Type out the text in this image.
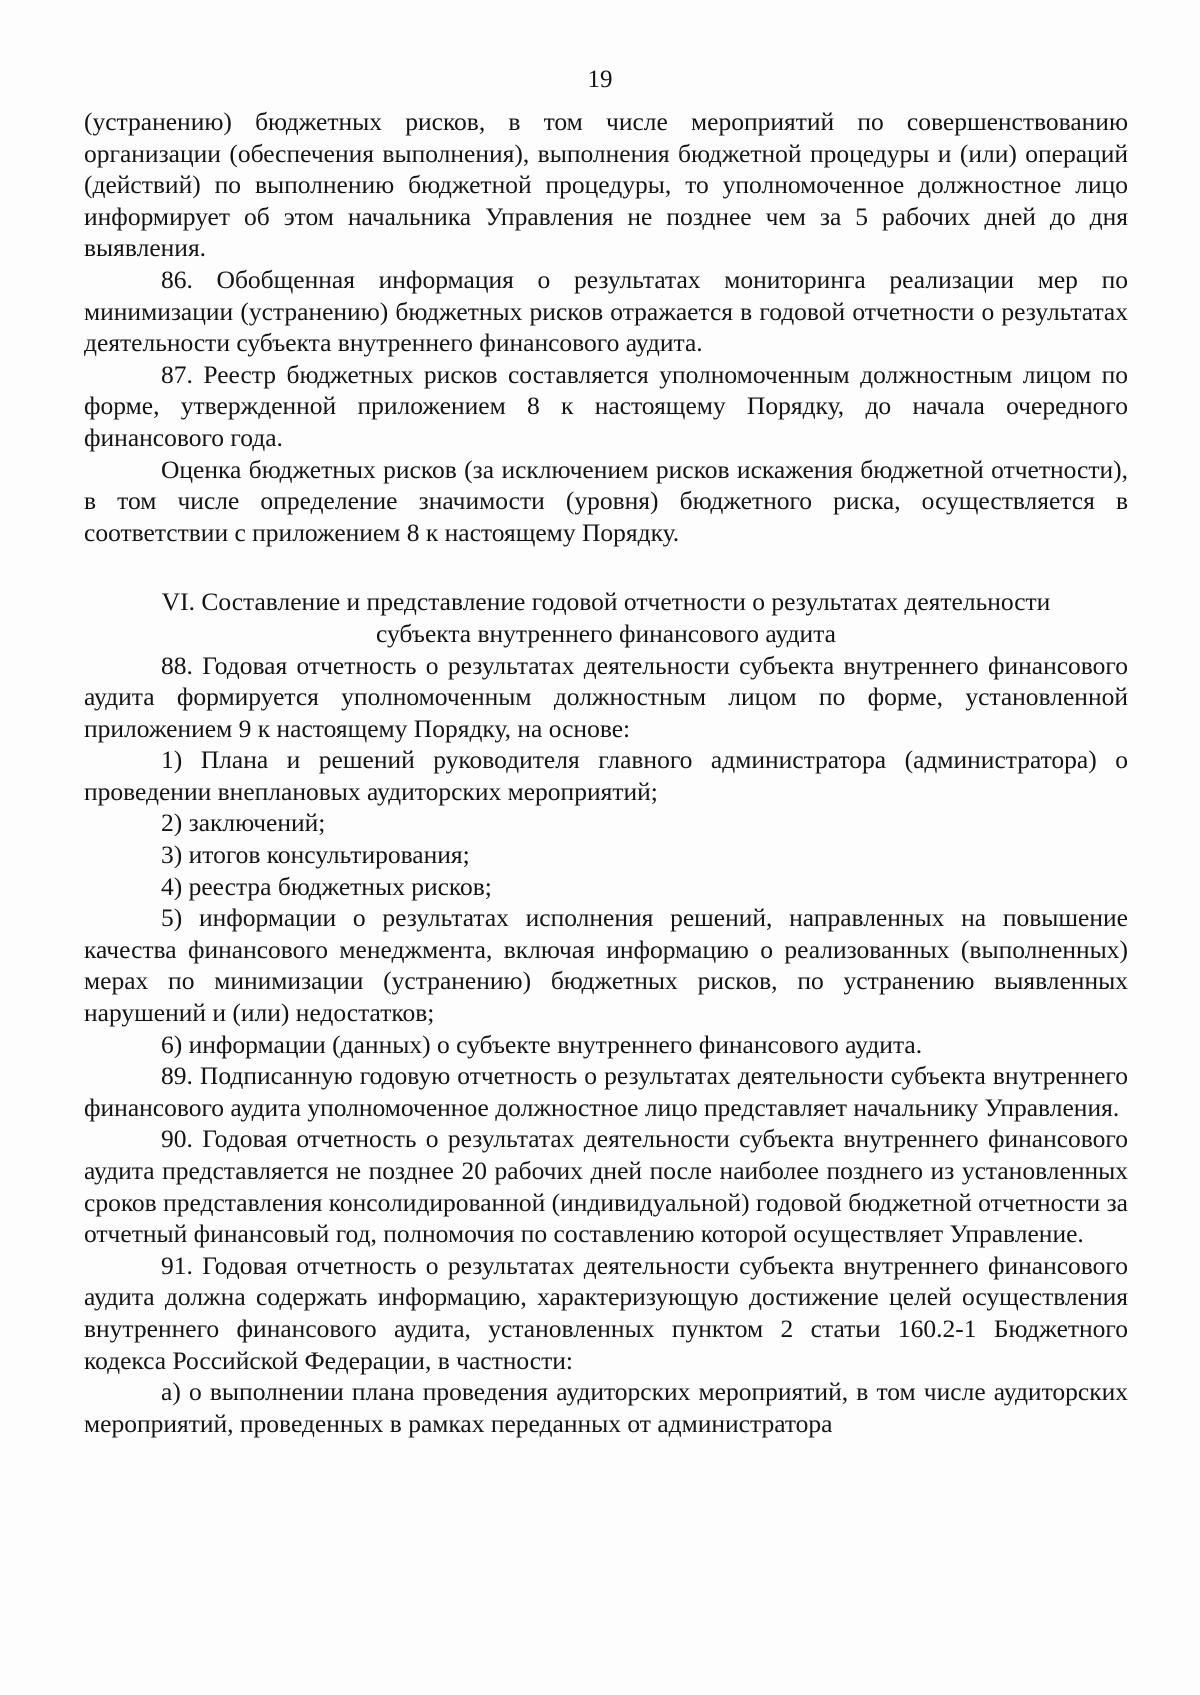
19

(устранению) бюджетных рисков, в том числе мероприятий по совершенствованию организации (обеспечения выполнения), выполнения бюджетной процедуры и (или) операций (действий) по выполнению бюджетной процедуры, то уполномоченное должностное лицо информирует об этом начальника Управления не позднее чем за 5 рабочих дней до дня выявления.

86. Обобщенная информация о результатах мониторинга реализации мер по минимизации (устранению) бюджетных рисков отражается в годовой отчетности о результатах деятельности субъекта внутреннего финансового аудита.

87. Реестр бюджетных рисков составляется уполномоченным должностным лицом по форме, утвержденной приложением 8 к настоящему Порядку, до начала очередного финансового года.

Оценка бюджетных рисков (за исключением рисков искажения бюджетной отчетности), в том числе определение значимости (уровня) бюджетного риска, осуществляется в соответствии с приложением 8 к настоящему Порядку.

VI. Составление и представление годовой отчетности о результатах деятельности
субъекта внутреннего финансового аудита

88. Годовая отчетность о результатах деятельности субъекта внутреннего финансового аудита формируется уполномоченным должностным лицом по форме, установленной приложением 9 к настоящему Порядку, на основе:

1) Плана и решений руководителя главного администратора (администратора) о проведении внеплановых аудиторских мероприятий;

2) заключений;

3) итогов консультирования;

4) реестра бюджетных рисков;

5) информации о результатах исполнения решений, направленных на повышение качества финансового менеджмента, включая информацию о реализованных (выполненных) мерах по минимизации (устранению) бюджетных рисков, по устранению выявленных нарушений и (или) недостатков;

6) информации (данных) о субъекте внутреннего финансового аудита.

89. Подписанную годовую отчетность о результатах деятельности субъекта внутреннего финансового аудита уполномоченное должностное лицо представляет начальнику Управления.

90. Годовая отчетность о результатах деятельности субъекта внутреннего финансового аудита представляется не позднее 20 рабочих дней после наиболее позднего из установленных сроков представления консолидированной (индивидуальной) годовой бюджетной отчетности за отчетный финансовый год, полномочия по составлению которой осуществляет Управление.

91. Годовая отчетность о результатах деятельности субъекта внутреннего финансового аудита должна содержать информацию, характеризующую достижение целей осуществления внутреннего финансового аудита, установленных пунктом 2 статьи 160.2-1 Бюджетного кодекса Российской Федерации, в частности:

а) о выполнении плана проведения аудиторских мероприятий, в том числе аудиторских мероприятий, проведенных в рамках переданных от администратора
